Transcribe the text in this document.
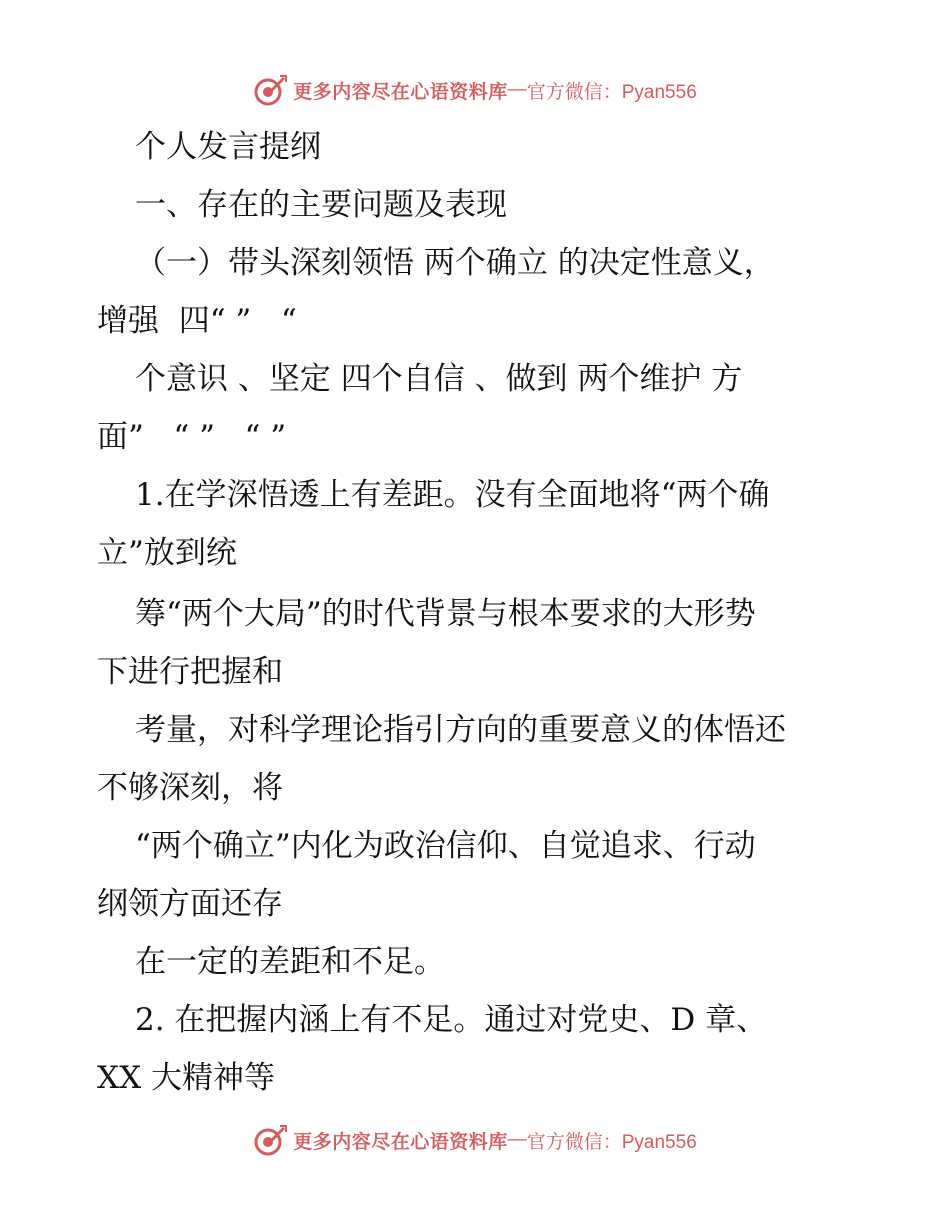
更多内容尽在心语资料库 — 官方微信：Pyan556
个人发言提纲
一、存在的主要问题及表现
（一）带头深刻领悟 两个确立 的决定性意义，
增强  四“ ”   “
个意识 、坚定 四个自信 、做到 两个维护 方
面”   “ ”   “ ”
1.在学深悟透上有差距。没有全面地将“两个确
立”放到统
筹“两个大局”的时代背景与根本要求的大形势
下进行把握和
考量，对科学理论指引方向的重要意义的体悟还
不够深刻，将
“两个确立”内化为政治信仰、自觉追求、行动
纲领方面还存
在一定的差距和不足。
2. 在把握内涵上有不足。通过对党史、D 章、
XX 大精神等
更多内容尽在心语资料库 — 官方微信：Pyan556
